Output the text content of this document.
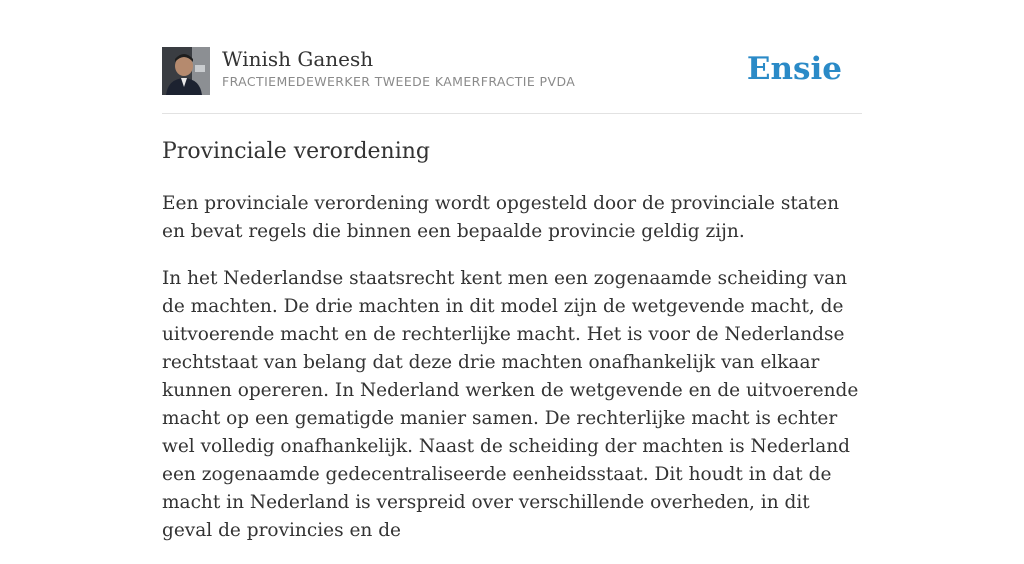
Winish Ganesh
FRACTIEMEDEWERKER TWEEDE KAMERFRACTIE PVDA	Ensie
Provinciale verordening

Een provinciale verordening wordt opgesteld door de provinciale staten en bevat regels die binnen een bepaalde provincie geldig zijn.

In het Nederlandse staatsrecht kent men een zogenaamde scheiding van de machten. De drie machten in dit model zijn de wetgevende macht, de uitvoerende macht en de rechterlijke macht. Het is voor de Nederlandse rechtstaat van belang dat deze drie machten onafhankelijk van elkaar kunnen opereren. In Nederland werken de wetgevende en de uitvoerende macht op een gematigde manier samen. De rechterlijke macht is echter wel volledig onafhankelijk. Naast de scheiding der machten is Nederland een zogenaamde gedecentraliseerde eenheidsstaat. Dit houdt in dat de macht in Nederland is verspreid over verschillende overheden, in dit geval de provincies en de
